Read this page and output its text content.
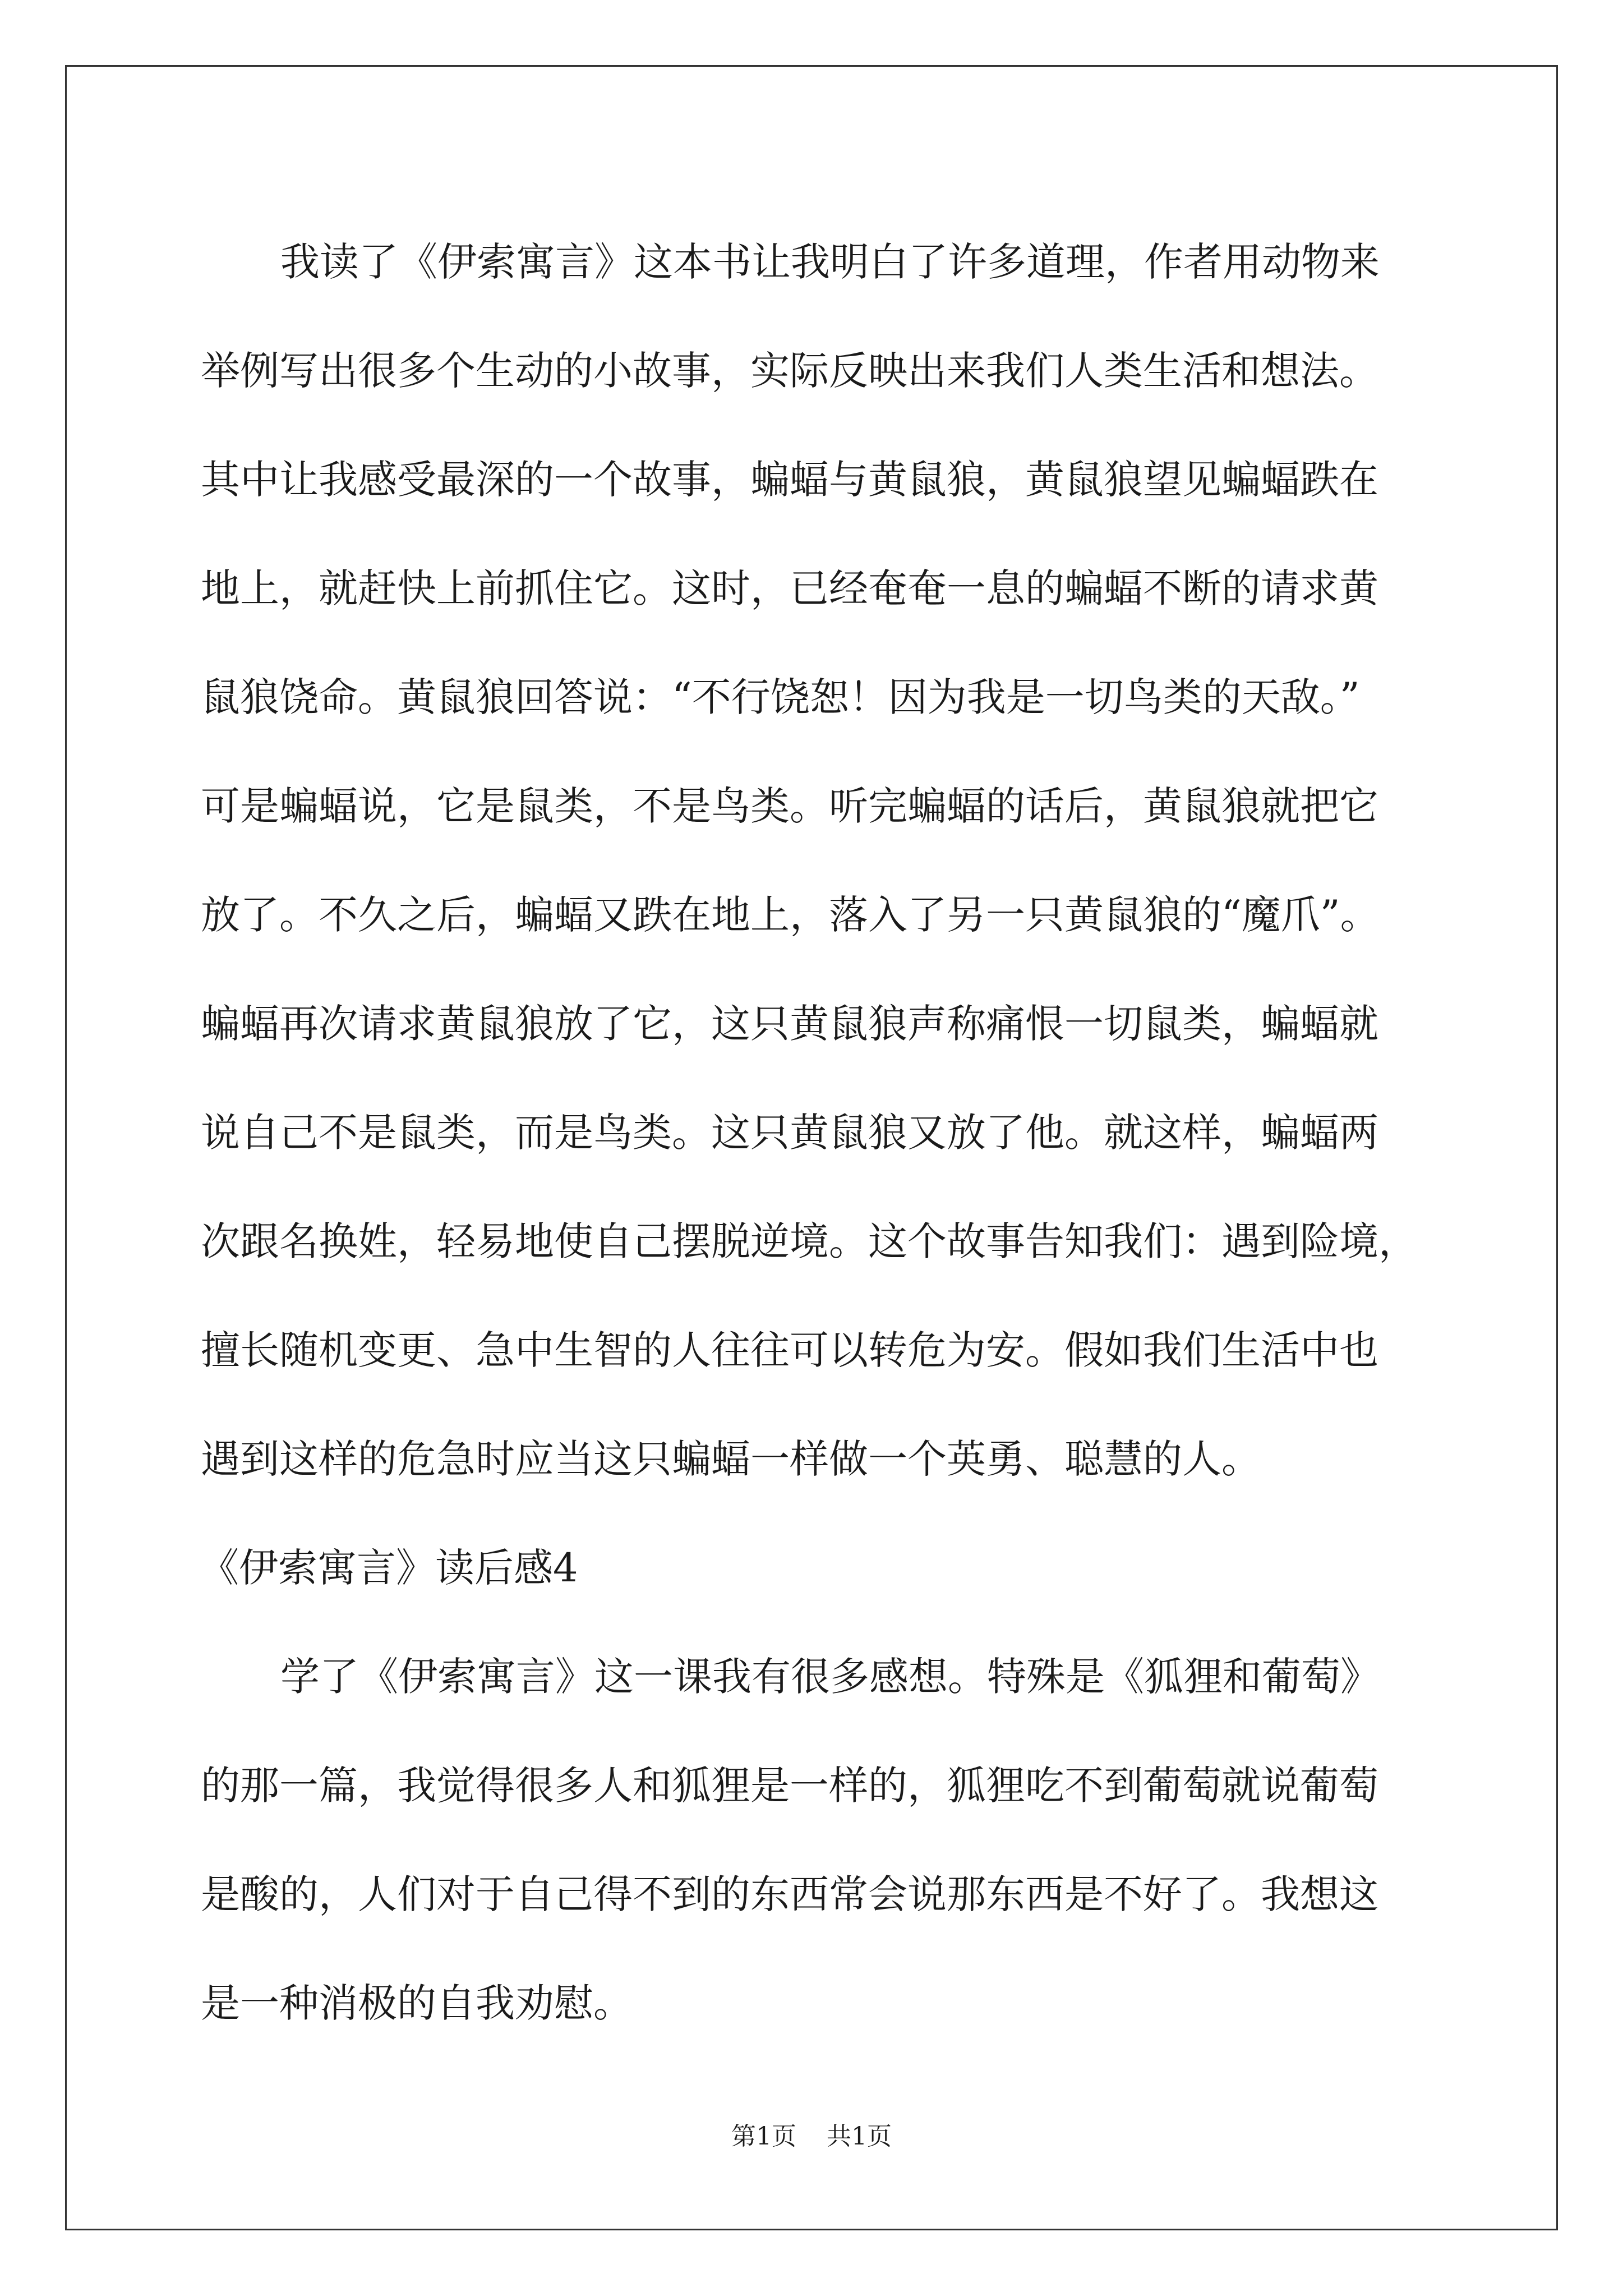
我读了《伊索寓言》这本书让我明白了许多道理，作者用动物来
举例写出很多个生动的小故事，实际反映出来我们人类生活和想法。
其中让我感受最深的一个故事，蝙蝠与黄鼠狼，黄鼠狼望见蝙蝠跌在
地上，就赶快上前抓住它。这时，已经奄奄一息的蝙蝠不断的请求黄
鼠狼饶命。黄鼠狼回答说：“不行饶恕！因为我是一切鸟类的天敌。”
可是蝙蝠说，它是鼠类，不是鸟类。听完蝙蝠的话后，黄鼠狼就把它
放了。不久之后，蝙蝠又跌在地上，落入了另一只黄鼠狼的“魔爪”。
蝙蝠再次请求黄鼠狼放了它，这只黄鼠狼声称痛恨一切鼠类，蝙蝠就
说自己不是鼠类，而是鸟类。这只黄鼠狼又放了他。就这样，蝙蝠两
次跟名换姓，轻易地使自己摆脱逆境。这个故事告知我们：遇到险境，
擅长随机变更、急中生智的人往往可以转危为安。假如我们生活中也
遇到这样的危急时应当这只蝙蝠一样做一个英勇、聪慧的人。
《伊索寓言》读后感4
学了《伊索寓言》这一课我有很多感想。特殊是《狐狸和葡萄》
的那一篇，我觉得很多人和狐狸是一样的，狐狸吃不到葡萄就说葡萄
是酸的，人们对于自己得不到的东西常会说那东西是不好了。我想这
是一种消极的自我劝慰。
第1页 共1页
